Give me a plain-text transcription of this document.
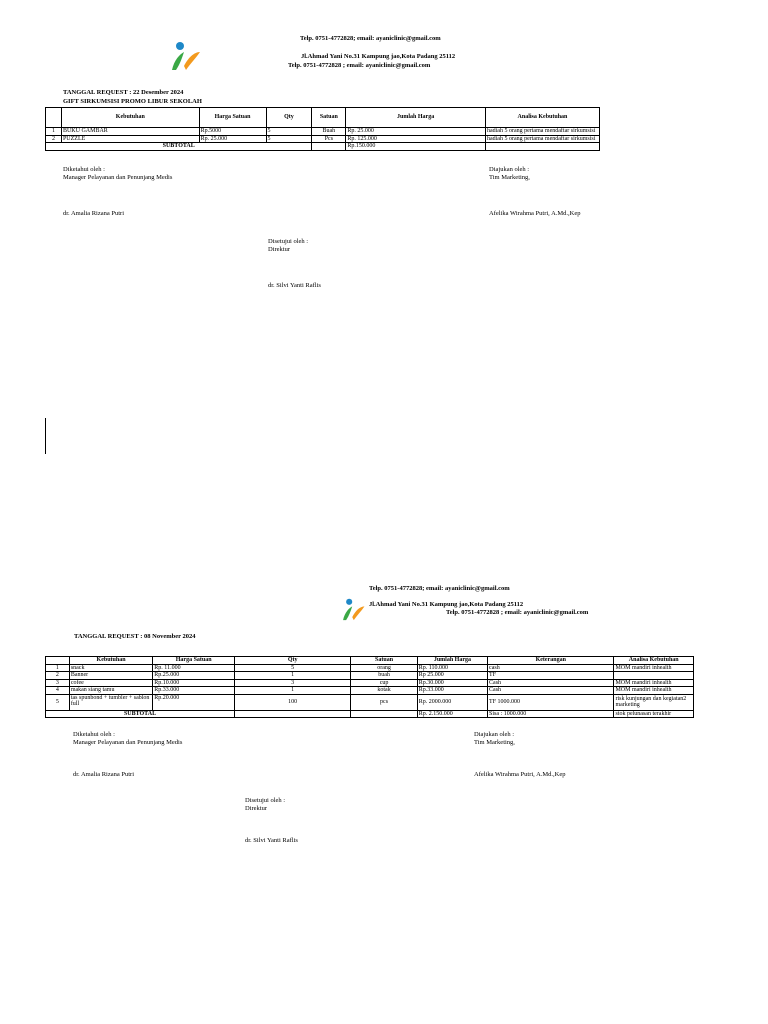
Telp. 0751-4772828; email: ayaniclinic@gmail.com
Jl.Ahmad Yani No.31 Kampung jao,Kota Padang 25112
Telp. 0751-4772828 ; email: ayaniclinic@gmail.com
TANGGAL REQUEST : 22 Desember 2024
GIFT SIRKUMSISI PROMO LIBUR SEKOLAH
	Kebutuhan	Harga Satuan	Qty	Satuan	Jumlah Harga	Analisa Kebutuhan
1	BUKU GAMBAR	Rp.5000	5	Buah	Rp. 25.000	hadiah 5 orang pertama mendaftar sirkumsisi
2	PUZZLE	Rp. 25.000	5	Pcs	Rp. 125.000	hadiah 5 orang pertama mendaftar sirkumsisi
SUBTOTAL					Rp.150.000	
Diketahui oleh :
Manager Pelayanan dan Penunjang Medis
dr. Amalia Rizana Putri
Diajukan oleh :
Tim Marketing,
Afelika Wirahma Putri, A.Md.,Kep
Disetujui oleh :
Direktur
dr. Silvi Yanti Raflis
Telp. 0751-4772828; email: ayaniclinic@gmail.com
Jl.Ahmad Yani No.31 Kampung jao,Kota Padang 25112
Telp. 0751-4772828 ; email: ayaniclinic@gmail.com
TANGGAL REQUEST : 08 November 2024
	Kebutuhan	Harga Satuan	Qty	Satuan	Jumlah Harga	Keterangan	Analisa Kebutuhan
1	snack	Rp. 11.000	5	orang	Rp. 110.000	cash	MOM mandiri inhealth
2	Banner	Rp.25.000	1	buah	Rp 25.000	TF	
3	cofee	Rp.10.000	3	cup	Rp.30.000	Cash	MOM mandiri inhealth
4	makan siang tamu	Rp.33.000	1	kotak	Rp.33.000	Cash	MOM mandiri inhealth
5	tas spunbond + tumbler + sablon full	Rp.20.000	100	pcs	Rp. 2000.000	TF 1000.000	risk kunjungan dan kegiatan2 marketing
SUBTOTAL					Rp. 2.150.000	Sisa : 1000.000	stok pelunasan terakhir
Diketahui oleh :
Manager Pelayanan dan Penunjang Medis
dr. Amalia Rizana Putri
Diajukan oleh :
Tim Marketing,
Afelika Wirahma Putri, A.Md.,Kep
Disetujui oleh :
Direktur
dr. Silvi Yanti Raflis
